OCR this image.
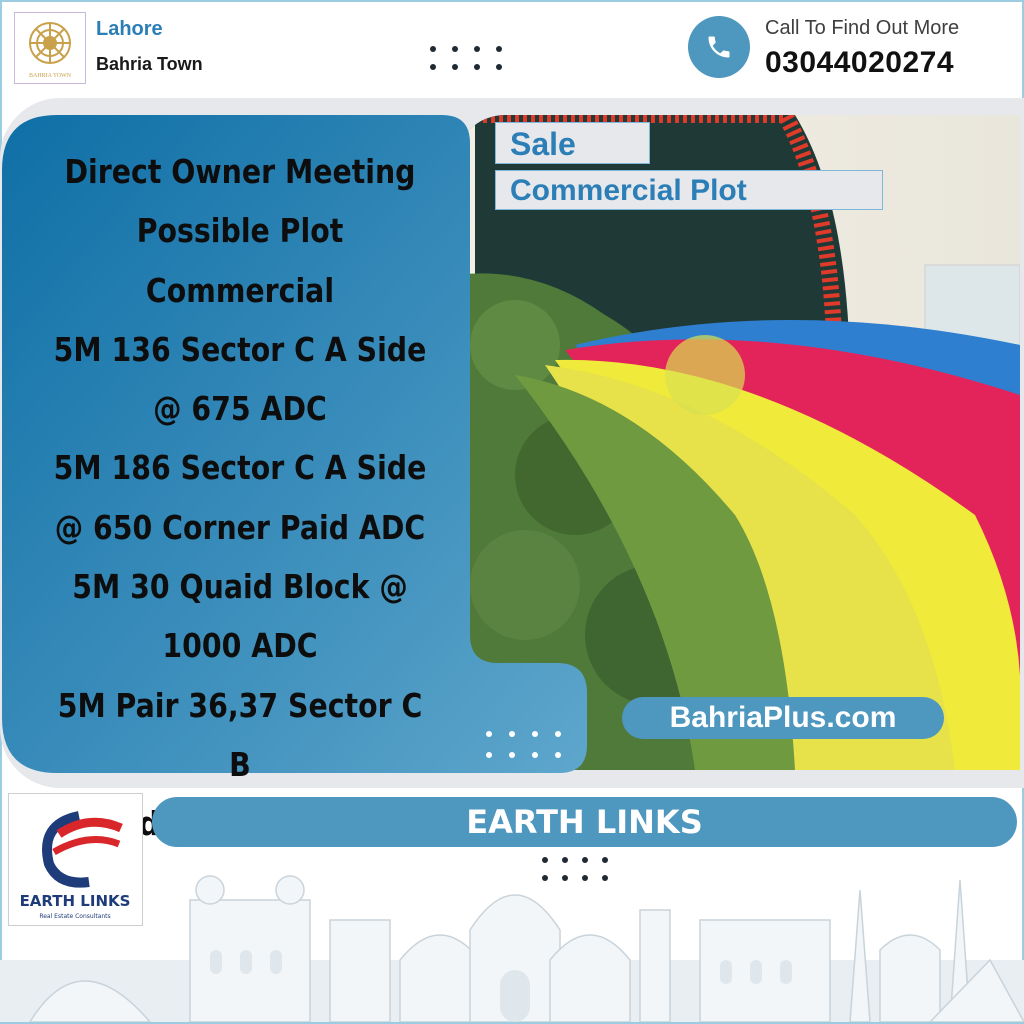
BAHRIA TOWN
Lahore
Bahria Town
Call To Find Out More
03044020274
Direct Owner Meeting
Possible Plot Commercial
5M 136 Sector C A Side
@ 675 ADC
5M 186 Sector C A Side
@ 650 Corner Paid ADC
5M 30 Quaid Block @
1000 ADC
5M Pair 36,37 Sector C B
Side
Sale
Commercial Plot
BahriaPlus.com
EARTH LINKS
Real Estate Consultants
EARTH LINKS
